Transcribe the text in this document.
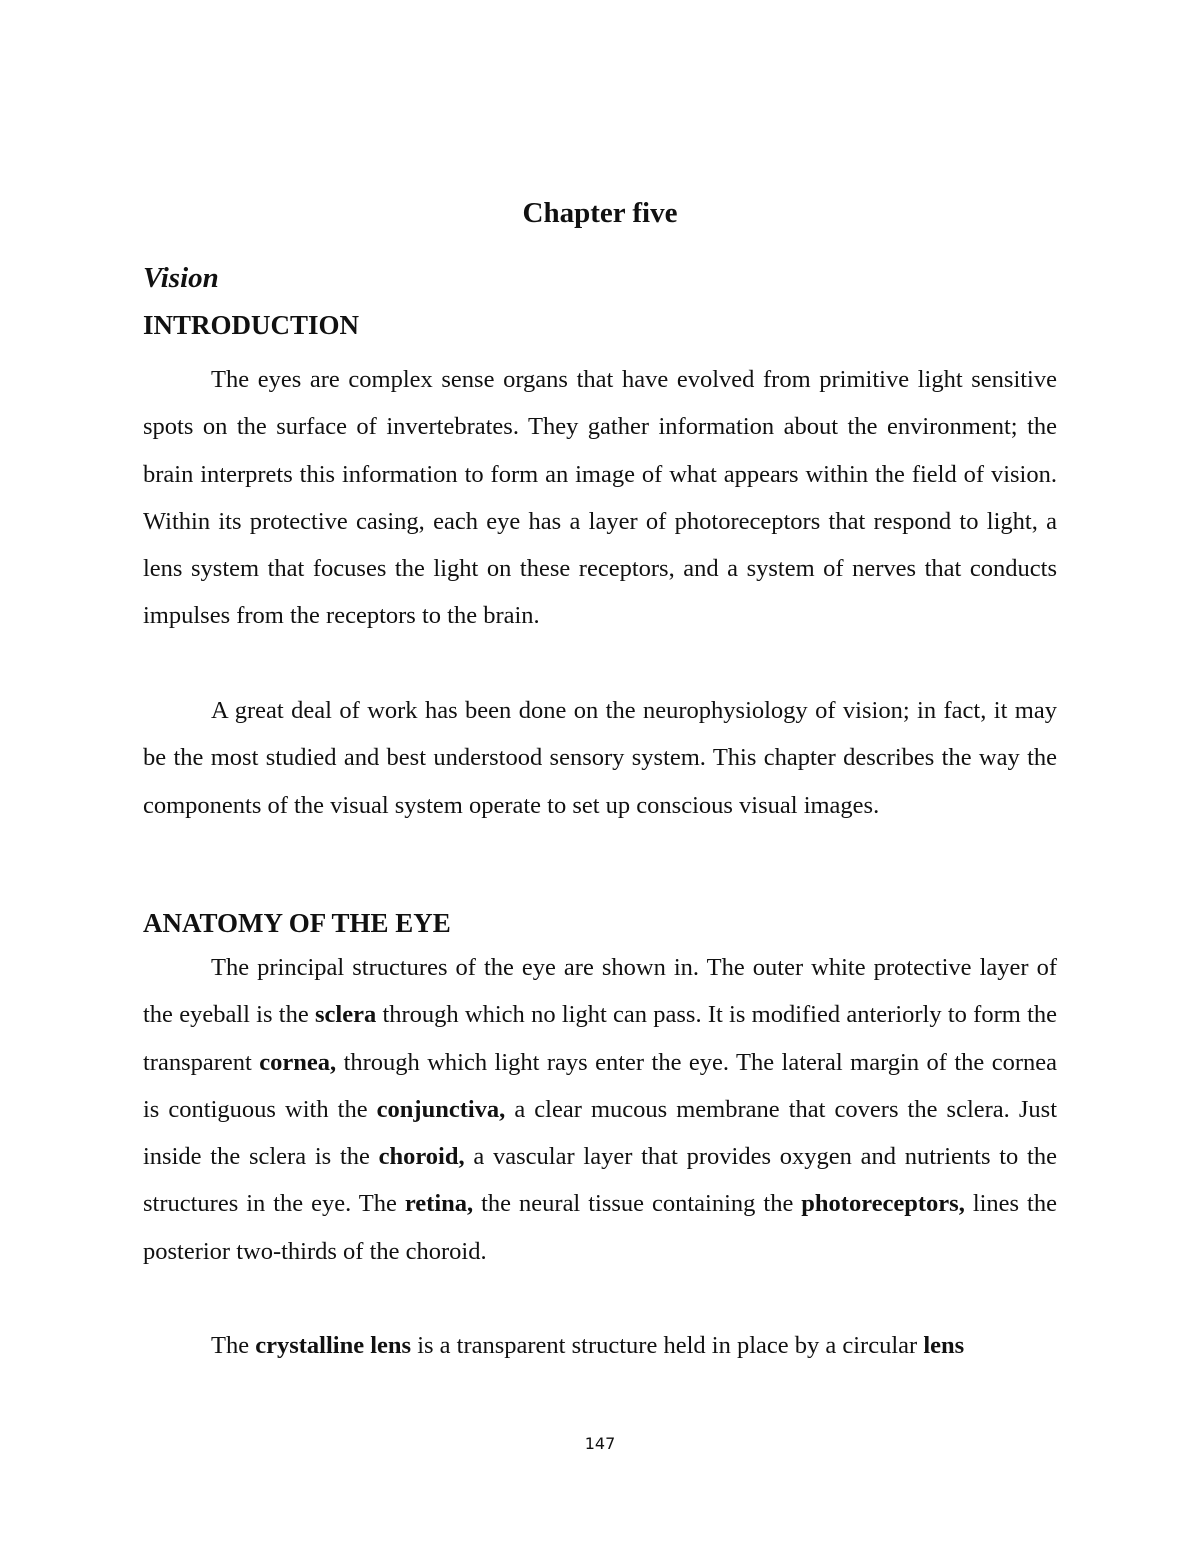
Chapter five
Vision
INTRODUCTION

The eyes are complex sense organs that have evolved from primitive light sensitive spots on the surface of invertebrates. They gather information about the environment; the brain interprets this information to form an image of what appears within the field of vision. Within its protective casing, each eye has a layer of photoreceptors that respond to light, a lens system that focuses the light on these receptors, and a system of nerves that conducts impulses from the receptors to the brain.

A great deal of work has been done on the neurophysiology of vision; in fact, it may be the most studied and best understood sensory system. This chapter describes the way the components of the visual system operate to set up conscious visual images.

ANATOMY OF THE EYE

The principal structures of the eye are shown in. The outer white protective layer of the eyeball is the sclera through which no light can pass. It is modified anteriorly to form the transparent cornea, through which light rays enter the eye. The lateral margin of the cornea is contiguous with the conjunctiva, a clear mucous membrane that covers the sclera. Just inside the sclera is the choroid, a vascular layer that provides oxygen and nutrients to the structures in the eye. The retina, the neural tissue containing the photoreceptors, lines the posterior two-thirds of the choroid.

The crystalline lens is a transparent structure held in place by a circular lens

147
